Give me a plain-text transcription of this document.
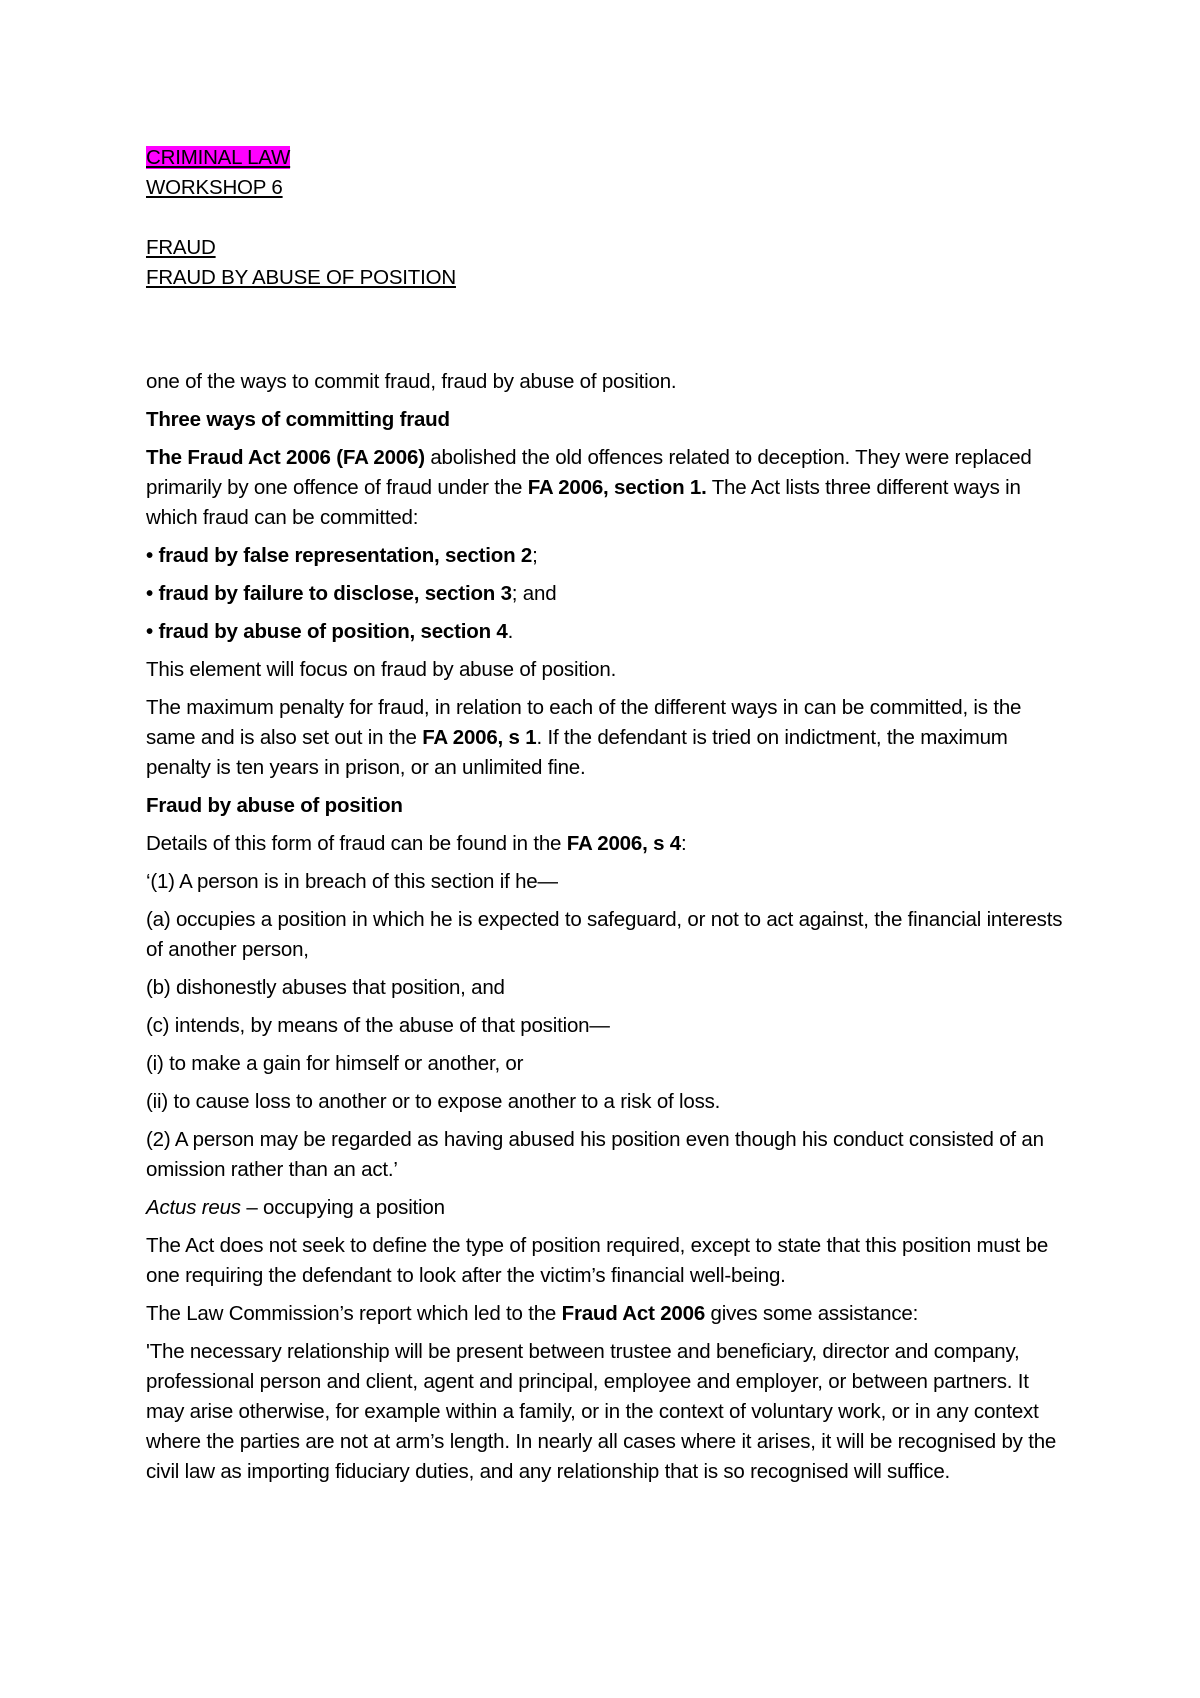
CRIMINAL LAW
WORKSHOP 6
FRAUD
FRAUD BY ABUSE OF POSITION

one of the ways to commit fraud, fraud by abuse of position.

Three ways of committing fraud

The Fraud Act 2006 (FA 2006) abolished the old offences related to deception. They were replaced primarily by one offence of fraud under the FA 2006, section 1. The Act lists three different ways in which fraud can be committed:

• fraud by false representation, section 2;

• fraud by failure to disclose, section 3; and

• fraud by abuse of position, section 4.

This element will focus on fraud by abuse of position.

The maximum penalty for fraud, in relation to each of the different ways in can be committed, is the same and is also set out in the FA 2006, s 1. If the defendant is tried on indictment, the maximum penalty is ten years in prison, or an unlimited fine.

Fraud by abuse of position

Details of this form of fraud can be found in the FA 2006, s 4:

‘(1) A person is in breach of this section if he—

(a) occupies a position in which he is expected to safeguard, or not to act against, the financial interests of another person,

(b) dishonestly abuses that position, and

(c) intends, by means of the abuse of that position—

(i) to make a gain for himself or another, or

(ii) to cause loss to another or to expose another to a risk of loss.

(2) A person may be regarded as having abused his position even though his conduct consisted of an omission rather than an act.’

Actus reus – occupying a position

The Act does not seek to define the type of position required, except to state that this position must be one requiring the defendant to look after the victim’s financial well-being.

The Law Commission’s report which led to the Fraud Act 2006 gives some assistance:

'The necessary relationship will be present between trustee and beneficiary, director and company, professional person and client, agent and principal, employee and employer, or between partners. It may arise otherwise, for example within a family, or in the context of voluntary work, or in any context where the parties are not at arm’s length. In nearly all cases where it arises, it will be recognised by the civil law as importing fiduciary duties, and any relationship that is so recognised will suffice.
